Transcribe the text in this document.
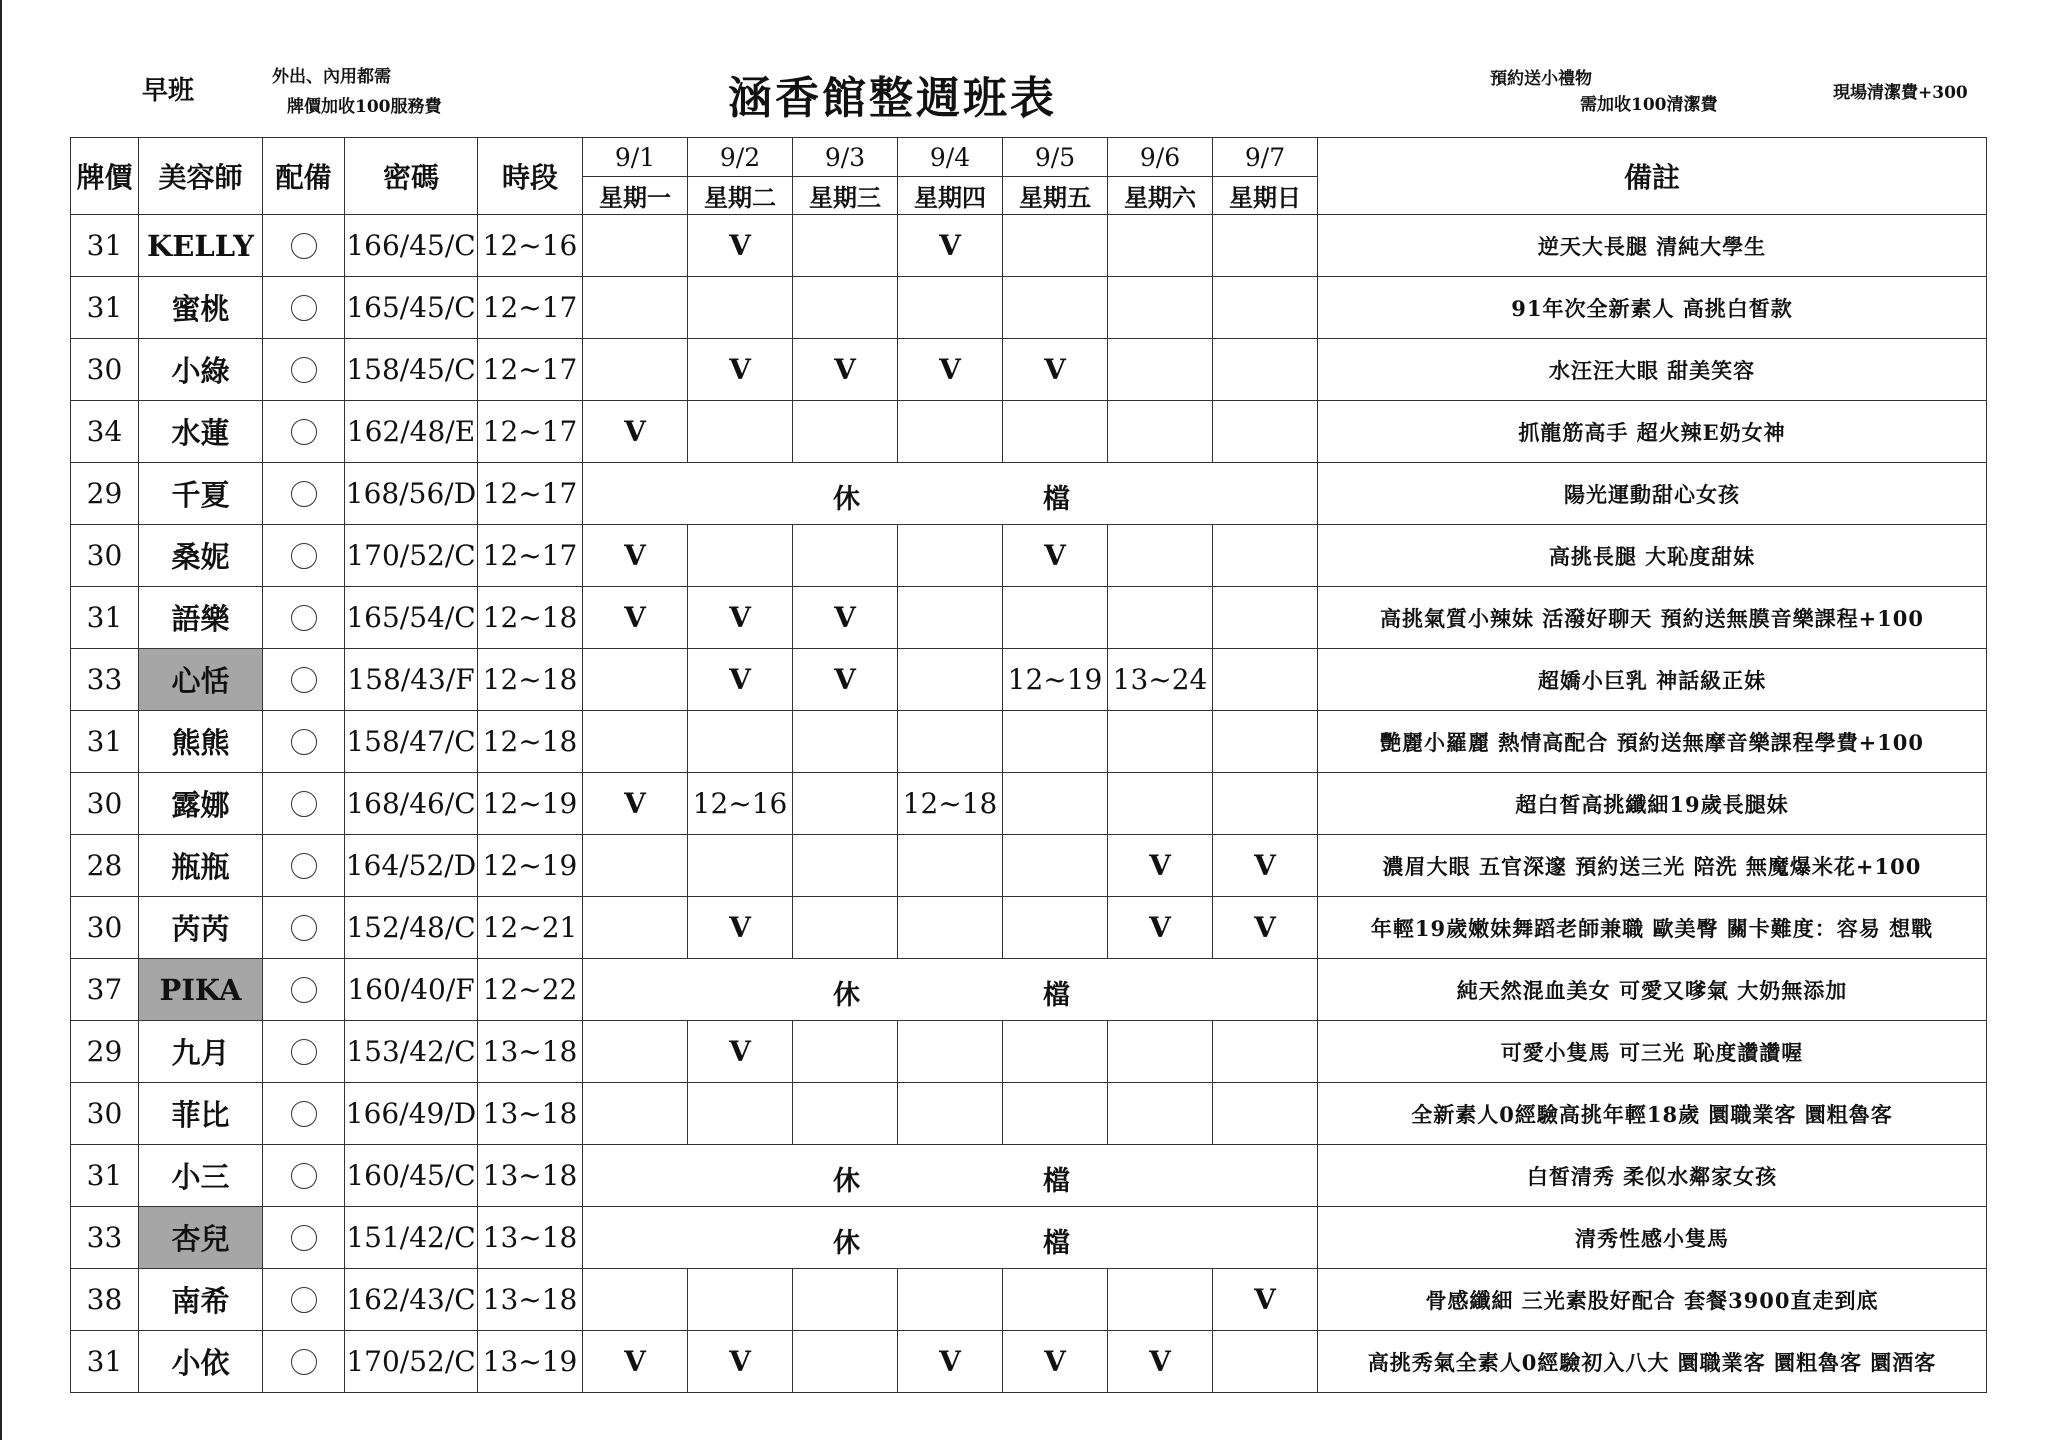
早班	外出、內用都需
牌價加收100服務費	涵香館整週班表	預約送小禮物
需加收100清潔費
現場清潔費+300
牌價	美容師	配備	密碼	時段	9/1	9/2	9/3	9/4	9/5	9/6	9/7	備註
					星期一	星期二	星期三	星期四	星期五	星期六	星期日	
31	KELLY		166/45/C	12~16		V		V				逆天大長腿 清純大學生
31	蜜桃		165/45/C	12~17								91年次全新素人 高挑白皙款
30	小綠		158/45/C	12~17		V	V	V	V			水汪汪大眼 甜美笑容
34	水蓮		162/48/E	12~17	V							抓龍筋高手 超火辣E奶女神
29	千夏		168/56/D	12~17	休 檔							陽光運動甜心女孩
30	桑妮		170/52/C	12~17	V				V			高挑長腿 大恥度甜妹
31	語樂		165/54/C	12~18	V	V	V					高挑氣質小辣妹 活潑好聊天 預約送無膜音樂課程+100
33	心恬		158/43/F	12~18		V	V		12~19	13~24		超嬌小巨乳 神話級正妹
31	熊熊		158/47/C	12~18								艷麗小羅麗 熱情高配合 預約送無摩音樂課程學費+100
30	露娜		168/46/C	12~19	V	12~16		12~18				超白皙高挑纖細19歲長腿妹
28	瓶瓶		164/52/D	12~19						V	V	濃眉大眼 五官深邃 預約送三光 陪洗 無魔爆米花+100
30	芮芮		152/48/C	12~21		V				V	V	年輕19歲嫩妹舞蹈老師兼職 歐美臀 關卡難度：容易 想戰
37	PIKA		160/40/F	12~22	休 檔							純天然混血美女 可愛又嗲氣 大奶無添加
29	九月		153/42/C	13~18		V						可愛小隻馬 可三光 恥度讚讚喔
30	菲比		166/49/D	13~18								全新素人0經驗高挑年輕18歲 圜職業客 圜粗魯客
31	小三		160/45/C	13~18	休 檔							白皙清秀 柔似水鄰家女孩
33	杏兒		151/42/C	13~18	休 檔							清秀性感小隻馬
38	南希		162/43/C	13~18							V	骨感纖細 三光素股好配合 套餐3900直走到底
31	小依		170/52/C	13~19	V	V		V	V	V		高挑秀氣全素人0經驗初入八大 圜職業客 圜粗魯客 圜酒客
